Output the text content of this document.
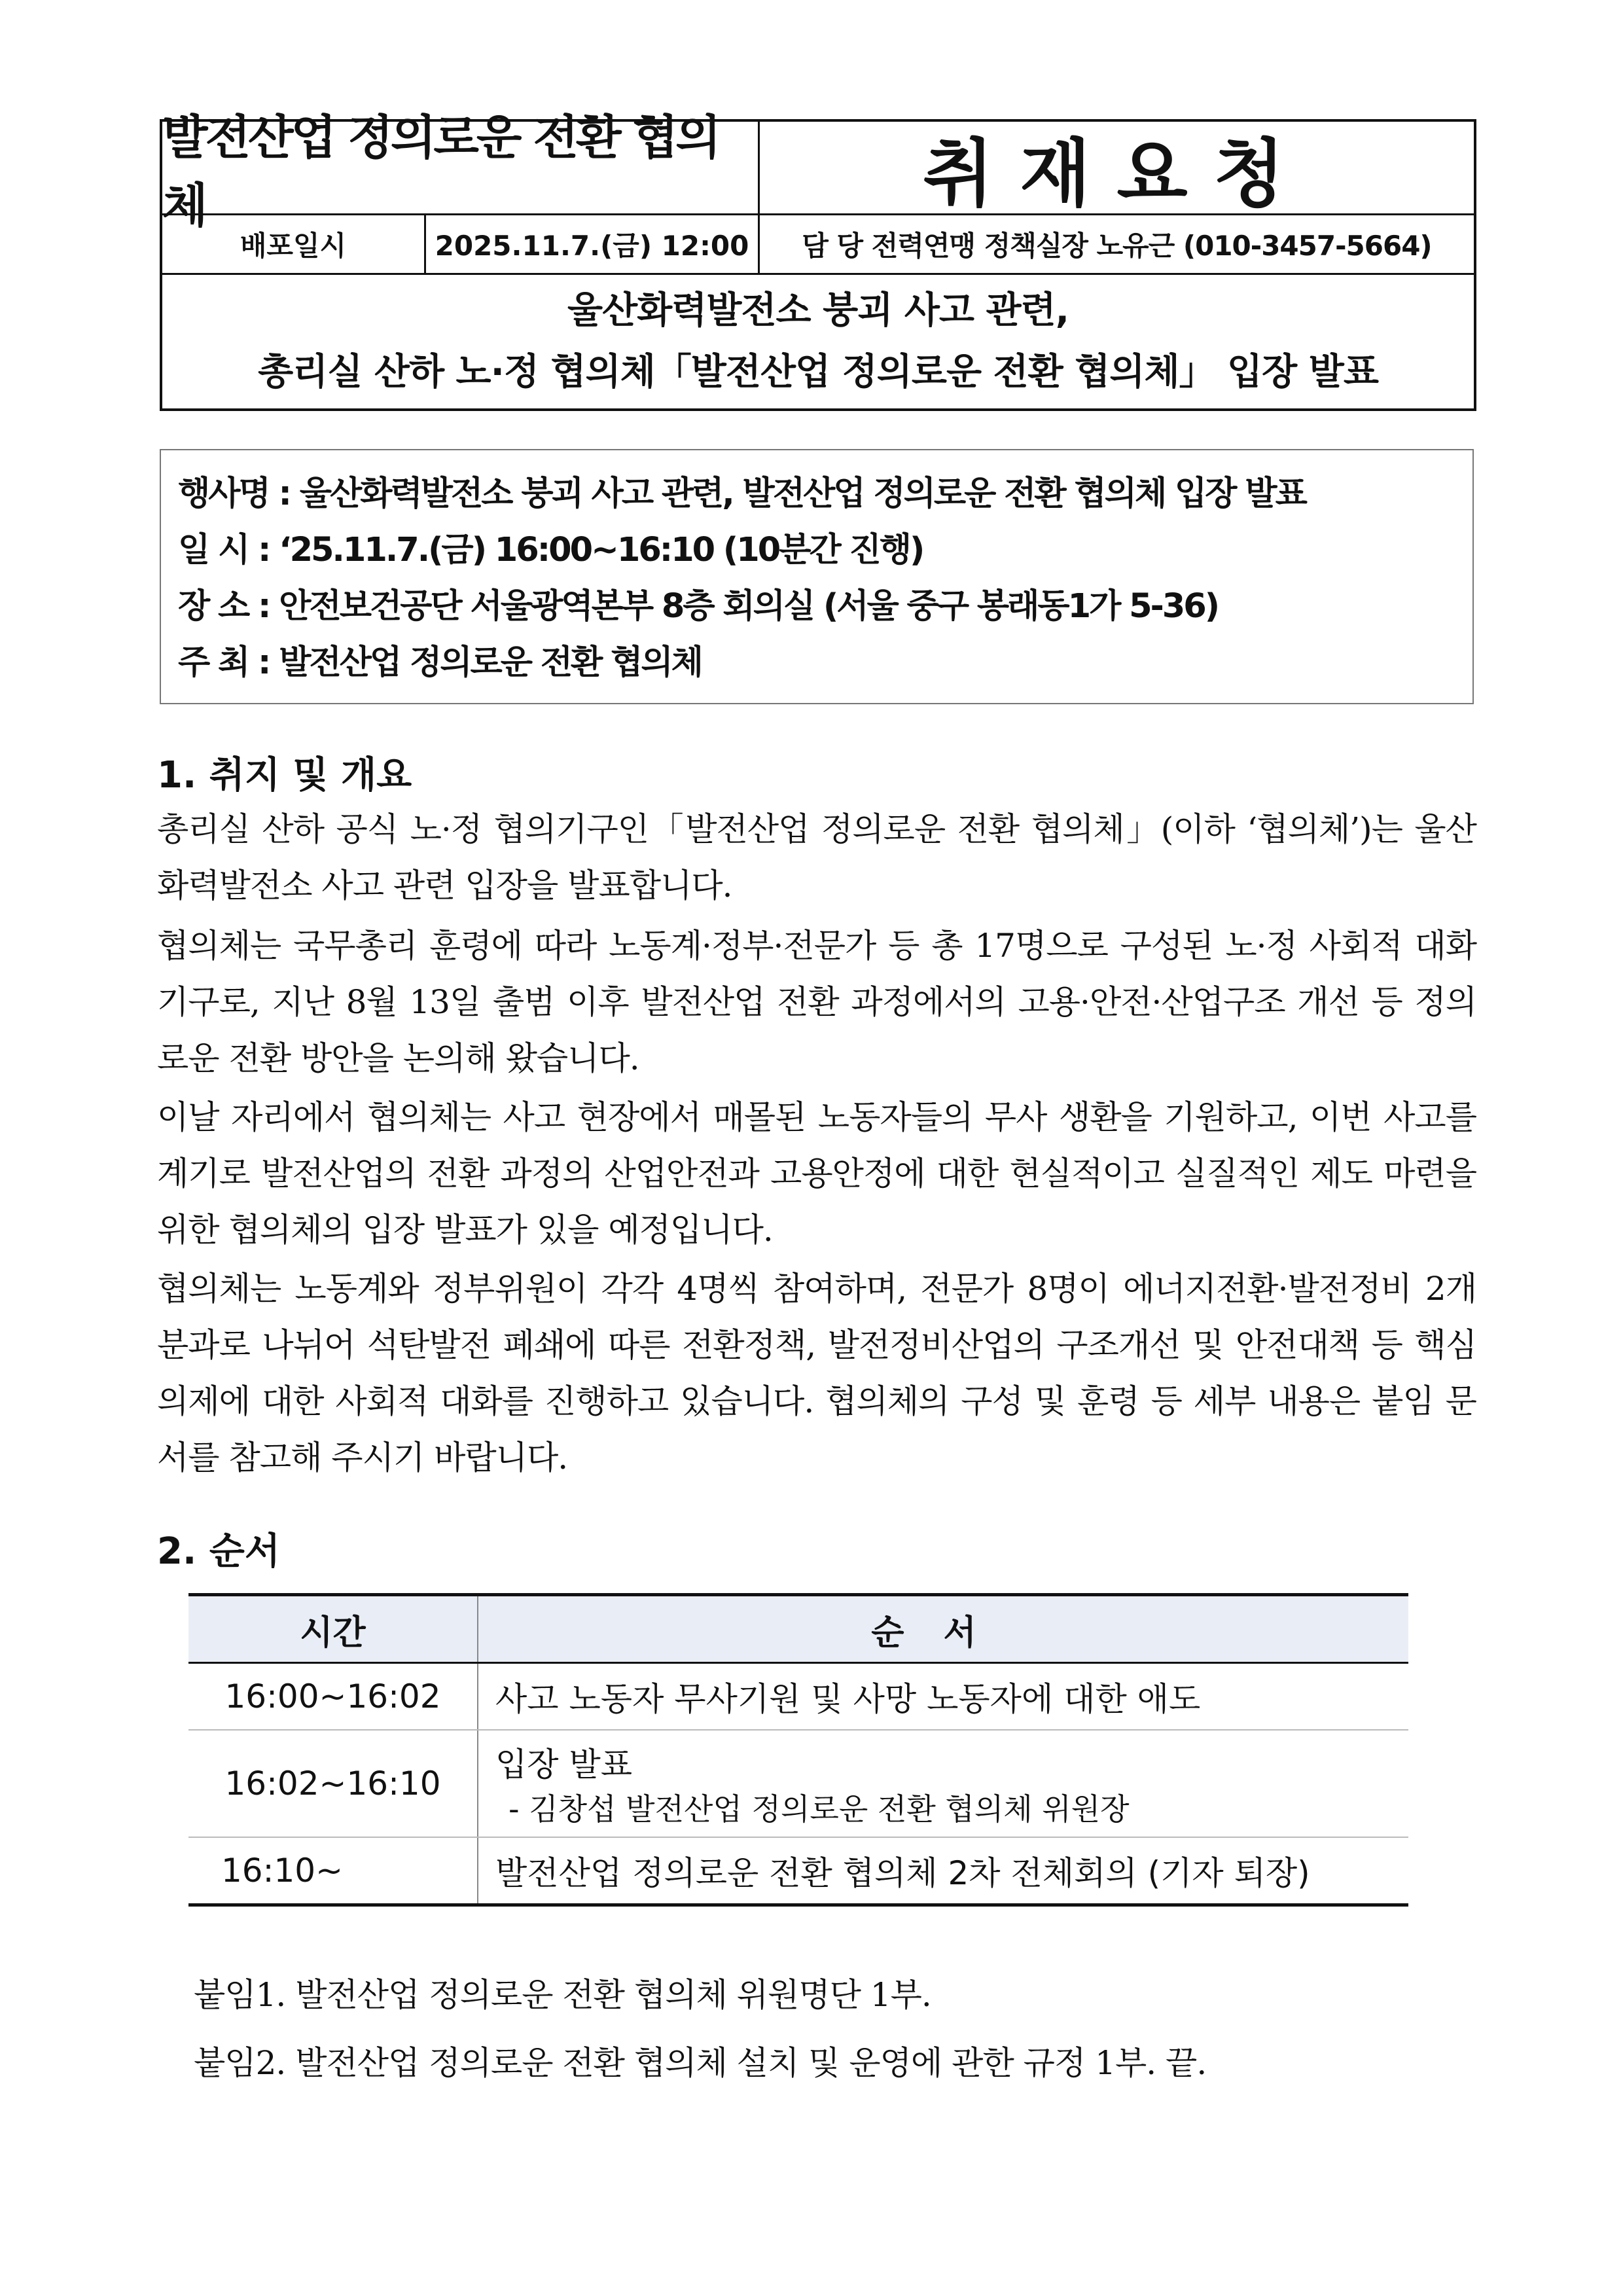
발전산업 정의로운 전환 협의체	취재요청
배포일시	2025.11.7.(금) 12:00	담 당 전력연맹 정책실장 노유근 (010-3457-5664)
울산화력발전소 붕괴 사고 관련,
총리실 산하 노·정 협의체「발전산업 정의로운 전환 협의체」 입장 발표
행사명 : 울산화력발전소 붕괴 사고 관련, 발전산업 정의로운 전환 협의체 입장 발표
일 시 : ‘25.11.7.(금) 16:00~16:10 (10분간 진행)
장 소 : 안전보건공단 서울광역본부 8층 회의실 (서울 중구 봉래동1가 5-36)
주 최 : 발전산업 정의로운 전환 협의체
1. 취지 및 개요
총리실 산하 공식 노·정 협의기구인「발전산업 정의로운 전환 협의체」(이하 ‘협의체’)는 울산화력발전소 사고 관련 입장을 발표합니다.
협의체는 국무총리 훈령에 따라 노동계·정부·전문가 등 총 17명으로 구성된 노·정 사회적 대화기구로, 지난 8월 13일 출범 이후 발전산업 전환 과정에서의 고용·안전·산업구조 개선 등 정의로운 전환 방안을 논의해 왔습니다.
이날 자리에서 협의체는 사고 현장에서 매몰된 노동자들의 무사 생환을 기원하고, 이번 사고를 계기로 발전산업의 전환 과정의 산업안전과 고용안정에 대한 현실적이고 실질적인 제도 마련을 위한 협의체의 입장 발표가 있을 예정입니다.
협의체는 노동계와 정부위원이 각각 4명씩 참여하며, 전문가 8명이 에너지전환·발전정비 2개 분과로 나뉘어 석탄발전 폐쇄에 따른 전환정책, 발전정비산업의 구조개선 및 안전대책 등 핵심 의제에 대한 사회적 대화를 진행하고 있습니다. 협의체의 구성 및 훈령 등 세부 내용은 붙임 문서를 참고해 주시기 바랍니다.
2. 순서
시간	순서
16:00~16:02	사고 노동자 무사기원 및 사망 노동자에 대한 애도
16:02~16:10	입장 발표
- 김창섭 발전산업 정의로운 전환 협의체 위원장

16:10~	발전산업 정의로운 전환 협의체 2차 전체회의 (기자 퇴장)
붙임1. 발전산업 정의로운 전환 협의체 위원명단 1부.
붙임2. 발전산업 정의로운 전환 협의체 설치 및 운영에 관한 규정 1부. 끝.
